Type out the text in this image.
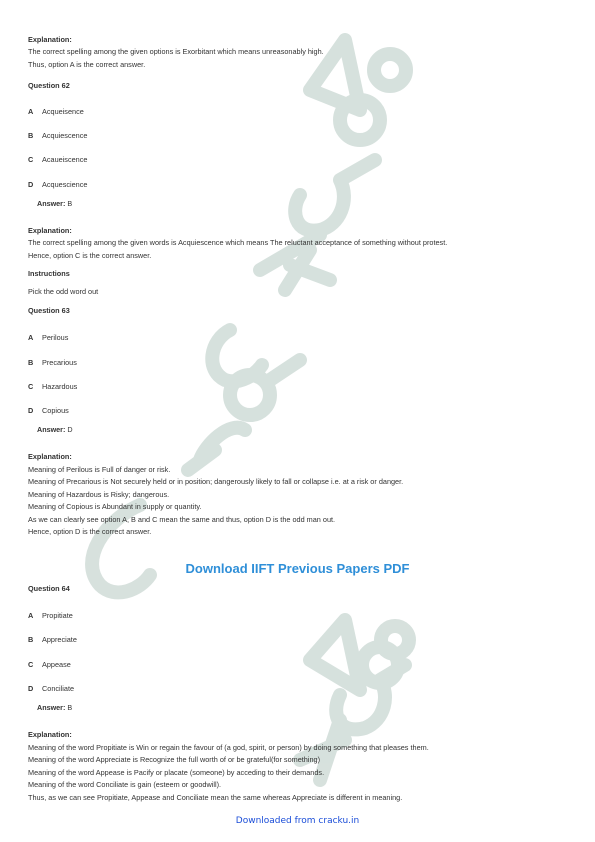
Explanation:
The correct spelling among the given options is Exorbitant which means unreasonably high.
Thus, option A is the correct answer.
Question 62
A Acqueisence
B Acquiescence
C Acaueiscence
D Acquescience
Answer: B
Explanation:
The correct spelling among the given words is Acquiescence which means The reluctant acceptance of something without protest.
Hence, option C is the correct answer.
Instructions
Pick the odd word out
Question 63
A Perilous
B Precarious
C Hazardous
D Copious
Answer: D
Explanation:
Meaning of Perilous is Full of danger or risk.
Meaning of Precarious is Not securely held or in position; dangerously likely to fall or collapse i.e. at a risk or danger.
Meaning of Hazardous is Risky; dangerous.
Meaning of Copious is Abundant in supply or quantity.
As we can clearly see option A, B and C mean the same and thus, option D is the odd man out.
Hence, option D is the correct answer.
Download IIFT Previous Papers PDF
Question 64
A Propitiate
B Appreciate
C Appease
D Conciliate
Answer: B
Explanation:
Meaning of the word Propitiate is Win or regain the favour of (a god, spirit, or person) by doing something that pleases them.
Meaning of the word Appreciate is Recognize the full worth of or be grateful(for something)
Meaning of the word Appease is Pacify or placate (someone) by acceding to their demands.
Meaning of the word Conciliate is gain (esteem or goodwill).
Thus, as we can see Propitiate, Appease and Conciliate mean the same whereas Appreciate is different in meaning.
Downloaded from cracku.in
